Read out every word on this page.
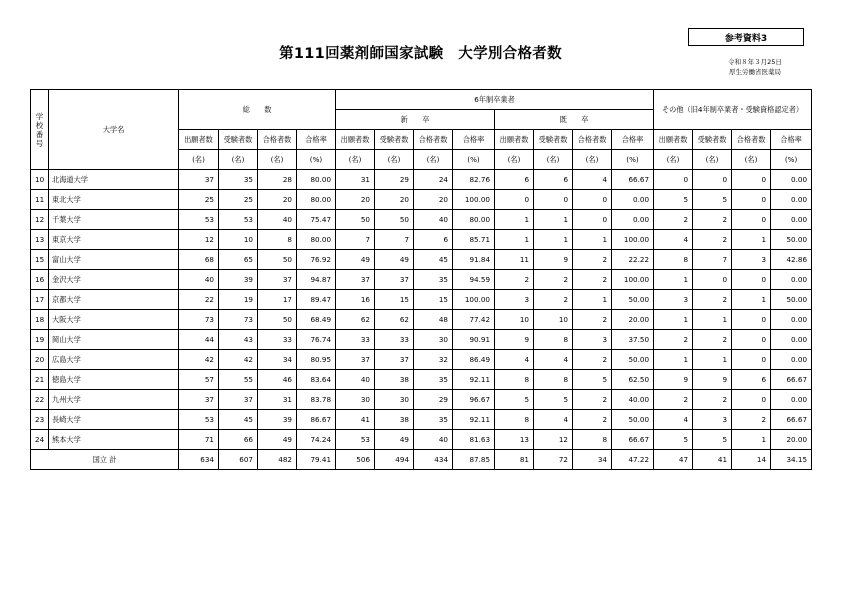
参考資料3
第111回薬剤師国家試験　大学別合格者数	令和８年３月25日
厚生労働省医薬局
学
校
番
号	大学名	総　　数				6年制卒業者								その他（旧4年制卒業者・受験資格認定者）			
						新　　卒				既　　卒							
		出願者数	受験者数	合格者数	合格率	出願者数	受験者数	合格者数	合格率	出願者数	受験者数	合格者数	合格率	出願者数	受験者数	合格者数	合格率
		(名)	(名)	(名)	(%)	(名)	(名)	(名)	(%)	(名)	(名)	(名)	(%)	(名)	(名)	(名)	(%)
10	北海道大学	37	35	28	80.00	31	29	24	82.76	6	6	4	66.67	0	0	0	0.00
11	東北大学	25	25	20	80.00	20	20	20	100.00	0	0	0	0.00	5	5	0	0.00
12	千葉大学	53	53	40	75.47	50	50	40	80.00	1	1	0	0.00	2	2	0	0.00
13	東京大学	12	10	8	80.00	7	7	6	85.71	1	1	1	100.00	4	2	1	50.00
15	富山大学	68	65	50	76.92	49	49	45	91.84	11	9	2	22.22	8	7	3	42.86
16	金沢大学	40	39	37	94.87	37	37	35	94.59	2	2	2	100.00	1	0	0	0.00
17	京都大学	22	19	17	89.47	16	15	15	100.00	3	2	1	50.00	3	2	1	50.00
18	大阪大学	73	73	50	68.49	62	62	48	77.42	10	10	2	20.00	1	1	0	0.00
19	岡山大学	44	43	33	76.74	33	33	30	90.91	9	8	3	37.50	2	2	0	0.00
20	広島大学	42	42	34	80.95	37	37	32	86.49	4	4	2	50.00	1	1	0	0.00
21	徳島大学	57	55	46	83.64	40	38	35	92.11	8	8	5	62.50	9	9	6	66.67
22	九州大学	37	37	31	83.78	30	30	29	96.67	5	5	2	40.00	2	2	0	0.00
23	長崎大学	53	45	39	86.67	41	38	35	92.11	8	4	2	50.00	4	3	2	66.67
24	熊本大学	71	66	49	74.24	53	49	40	81.63	13	12	8	66.67	5	5	1	20.00
国立 計		634	607	482	79.41	506	494	434	87.85	81	72	34	47.22	47	41	14	34.15
